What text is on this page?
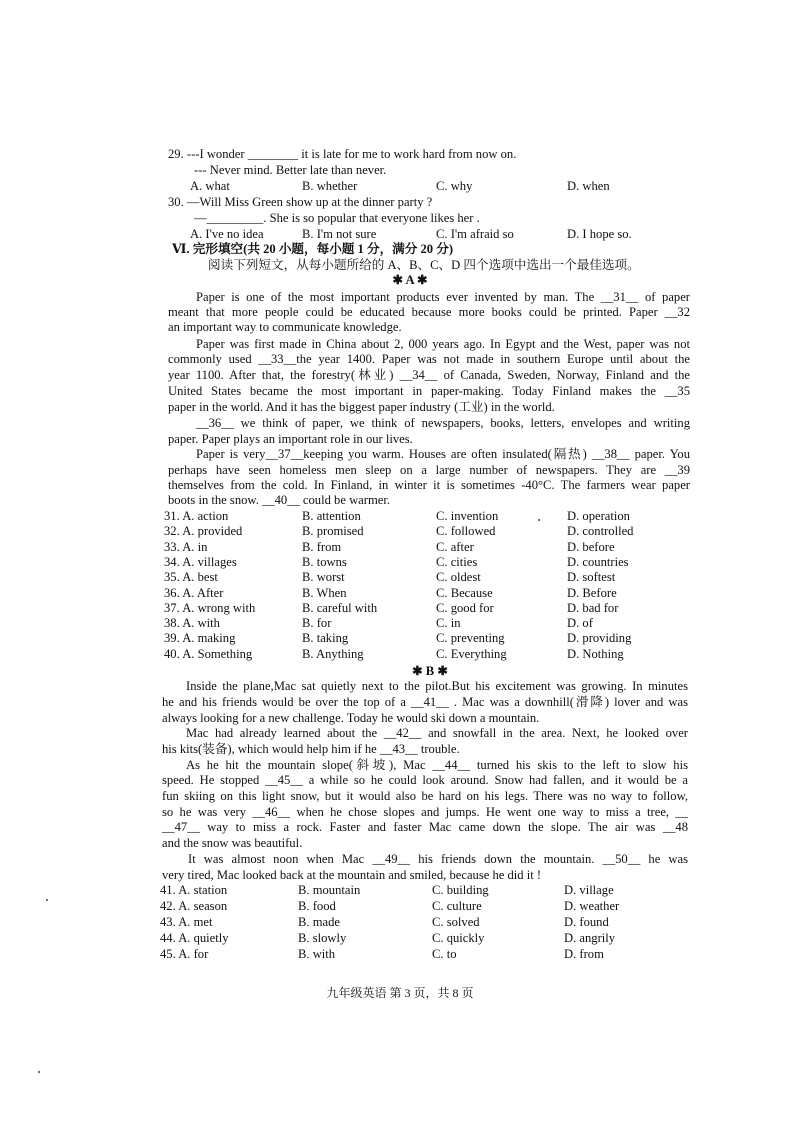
29. ---I wonder ________ it is late for me to work hard from now on.
--- Never mind. Better late than never.
A. what	B. whether	C. why	D. when
30. —Will Miss Green show up at the dinner party ?
—_________. She is so popular that everyone likes her .
A. I've no idea	B. I'm not sure	C. I'm afraid so	D. I hope so.
Ⅵ. 完形填空(共 20 小题，每小题 1 分，满分 20 分)
阅读下列短文，从每小题所给的 A、B、C、D 四个选项中选出一个最佳选项。
✱ A ✱
Paper is one of the most important products ever invented by man. The __31__ of paper
meant that more people could be educated because more books could be printed. Paper __32
an important way to communicate knowledge.
Paper was first made in China about 2, 000 years ago. In Egypt and the West, paper was not
commonly used __33__the year 1400. Paper was not made in southern Europe until about the
year 1100. After that, the forestry(林业) __34__ of Canada, Sweden, Norway, Finland and the
United States became the most important in paper-making. Today Finland makes the __35
paper in the world. And it has the biggest paper industry (工业) in the world.
__36__ we think of paper, we think of newspapers, books, letters, envelopes and writing
paper. Paper plays an important role in our lives.
Paper is very__37__keeping you warm. Houses are often insulated(隔热) __38__ paper. You
perhaps have seen homeless men sleep on a large number of newspapers. They are __39
themselves from the cold. In Finland, in winter it is sometimes -40°C. The farmers wear paper
boots in the snow. __40__ could be warmer.
31. A. action	B. attention	C. invention	D. operation
32. A. provided	B. promised	C. followed	D. controlled
33. A. in	B. from	C. after	D. before
34. A. villages	B. towns	C. cities	D. countries
35. A. best	B. worst	C. oldest	D. softest
36. A. After	B. When	C. Because	D. Before
37. A. wrong with	B. careful with	C. good for	D. bad for
38. A. with	B. for	C. in	D. of
39. A. making	B. taking	C. preventing	D. providing
40. A. Something	B. Anything	C. Everything	D. Nothing
✱ B ✱
Inside the plane,Mac sat quietly next to the pilot.But his excitement was growing. In minutes
he and his friends would be over the top of a __41__ . Mac was a downhill(滑降) lover and was
always looking for a new challenge. Today he would ski down a mountain.
Mac had already learned about the __42__ and snowfall in the area. Next, he looked over
his kits(装备), which would help him if he __43__ trouble.
As he hit the mountain slope(斜坡), Mac __44__ turned his skis to the left to slow his
speed. He stopped __45__ a while so he could look around. Snow had fallen, and it would be a
fun skiing on this light snow, but it would also be hard on his legs. There was no way to follow,
so he was very __46__ when he chose slopes and jumps. He went one way to miss a tree, __
__47__ way to miss a rock. Faster and faster Mac came down the slope. The air was __48
and the snow was beautiful.
It was almost noon when Mac __49__ his friends down the mountain. __50__ he was
very tired, Mac looked back at the mountain and smiled, because he did it !
41. A. station	B. mountain	C. building	D. village
42. A. season	B. food	C. culture	D. weather
43. A. met	B. made	C. solved	D. found
44. A. quietly	B. slowly	C. quickly	D. angrily
45. A. for	B. with	C. to	D. from
九年级英语 第 3 页，共 8 页
